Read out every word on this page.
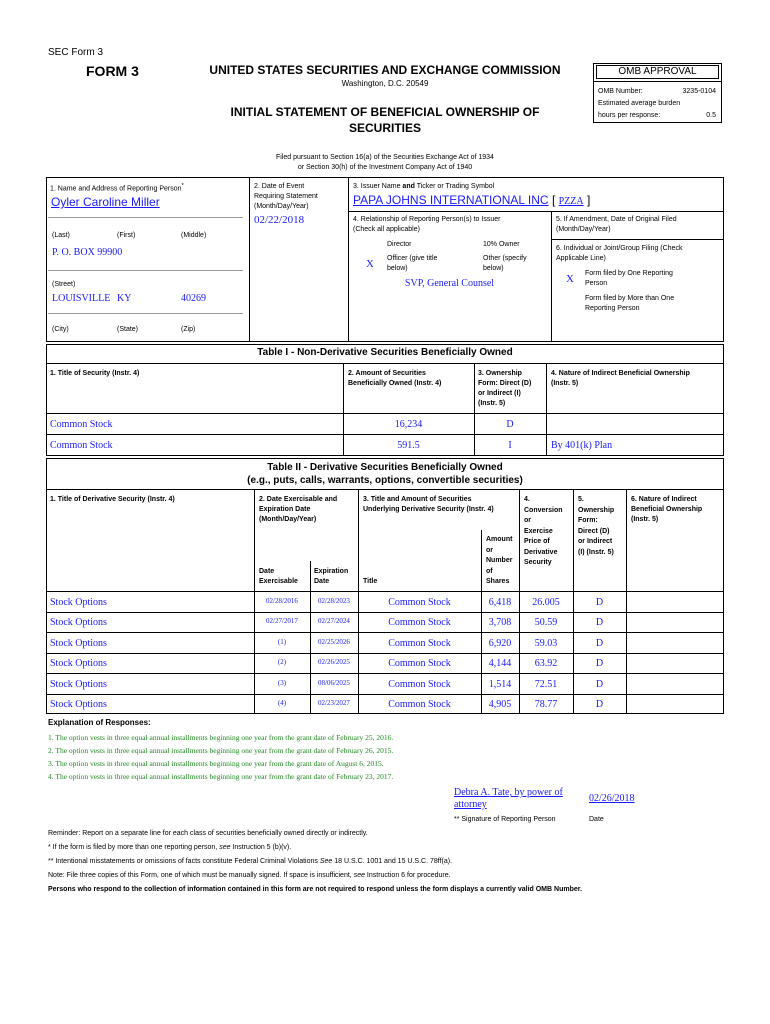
SEC Form 3
FORM 3	UNITED STATES SECURITIES AND EXCHANGE COMMISSION
Washington, D.C. 20549
INITIAL STATEMENT OF BENEFICIAL OWNERSHIP OF
SECURITIES
OMB APPROVAL
OMB Number:	3235-0104
Estimated average burden
hours per response:	0.5
Filed pursuant to Section 16(a) of the Securities Exchange Act of 1934
or Section 30(h) of the Investment Company Act of 1940
1. Name and Address of Reporting Person*
Oyler Caroline Miller
(Last)	(First)	(Middle)
P. O. BOX 99900
(Street)
LOUISVILLE KY	40269
(City)	(State)	(Zip)
2. Date of Event
Requiring Statement
(Month/Day/Year)
02/22/2018
3. Issuer Name and Ticker or Trading Symbol
PAPA JOHNS INTERNATIONAL INC [ PZZA ]
4. Relationship of Reporting Person(s) to Issuer
(Check all applicable)
Director	10% Owner
X Officer (give title
below)
Other (specify
below)
SVP, General Counsel
5. If Amendment, Date of Original Filed
(Month/Day/Year)
6. Individual or Joint/Group Filing (Check
Applicable Line)
X Form filed by One Reporting
Person
Form filed by More than One
Reporting Person
Table I - Non-Derivative Securities Beneficially Owned
1. Title of Security (Instr. 4)	2. Amount of Securities
Beneficially Owned (Instr. 4)
3. Ownership
Form: Direct (D)
or Indirect (I)
(Instr. 5)
4. Nature of Indirect Beneficial Ownership
(Instr. 5)
Common Stock	16,234	D
Common Stock	591.5	I	By 401(k) Plan
Table II - Derivative Securities Beneficially Owned
(e.g., puts, calls, warrants, options, convertible securities)
1. Title of Derivative Security (Instr. 4)	2. Date Exercisable and
Expiration Date
(Month/Day/Year)
3. Title and Amount of Securities
Underlying Derivative Security (Instr. 4)
4.
Conversion
or
Exercise
Price of
Derivative
Security
5.
Ownership
Form:
Direct (D)
or Indirect
(I) (Instr. 5)
6. Nature of Indirect
Beneficial Ownership
(Instr. 5)
Date
Exercisable
Expiration
Date	Title
Amount
or
Number
of
Shares
Stock Options	02/28/2016	02/28/2023	Common Stock	6,418	26.005	D
Stock Options	02/27/2017	02/27/2024	Common Stock	3,708	50.59	D
Stock Options	(1)	02/25/2026	Common Stock	6,920	59.03	D
Stock Options	(2)	02/26/2025	Common Stock	4,144	63.92	D
Stock Options	(3)	08/06/2025	Common Stock	1,514	72.51	D
Stock Options	(4)	02/23/2027	Common Stock	4,905	78.77	D
Explanation of Responses:
1. The option vests in three equal annual installments beginning one year from the grant date of February 25, 2016.
2. The option vests in three equal annual installments beginning one year from the grant date of February 26, 2015.
3. The option vests in three equal annual installments beginning one year from the grant date of August 6, 2015.
4. The option vests in three equal annual installments beginning one year from the grant date of February 23, 2017.
Debra A. Tate, by power of
attorney
02/26/2018
** Signature of Reporting Person	Date
Reminder: Report on a separate line for each class of securities beneficially owned directly or indirectly.
* If the form is filed by more than one reporting person, see Instruction 5 (b)(v).
** Intentional misstatements or omissions of facts constitute Federal Criminal Violations See 18 U.S.C. 1001 and 15 U.S.C. 78ff(a).
Note: File three copies of this Form, one of which must be manually signed. If space is insufficient, see Instruction 6 for procedure.
Persons who respond to the collection of information contained in this form are not required to respond unless the form displays a currently valid OMB Number.
